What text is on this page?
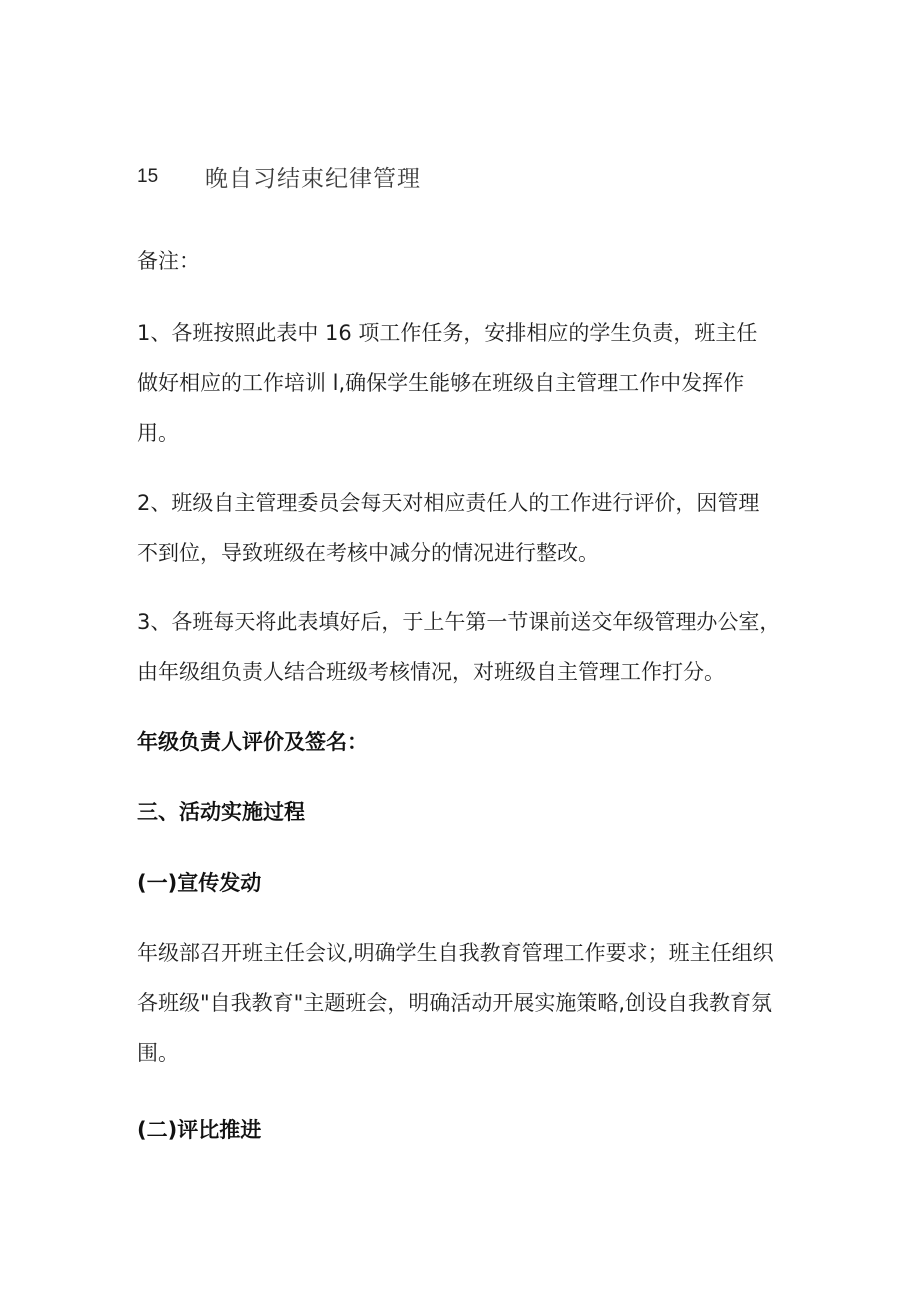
15 晚自习结束纪律管理
备注：
1、各班按照此表中 16 项工作任务，安排相应的学生负责，班主任
做好相应的工作培训 l,确保学生能够在班级自主管理工作中发挥作
用。
2、班级自主管理委员会每天对相应责任人的工作进行评价，因管理
不到位，导致班级在考核中减分的情况进行整改。
3、各班每天将此表填好后，于上午第一节课前送交年级管理办公室，
由年级组负责人结合班级考核情况，对班级自主管理工作打分。
年级负责人评价及签名：
三、活动实施过程
(一)宣传发动
年级部召开班主任会议,明确学生自我教育管理工作要求；班主任组织
各班级"自我教育"主题班会，明确活动开展实施策略,创设自我教育氛
围。
(二)评比推进
